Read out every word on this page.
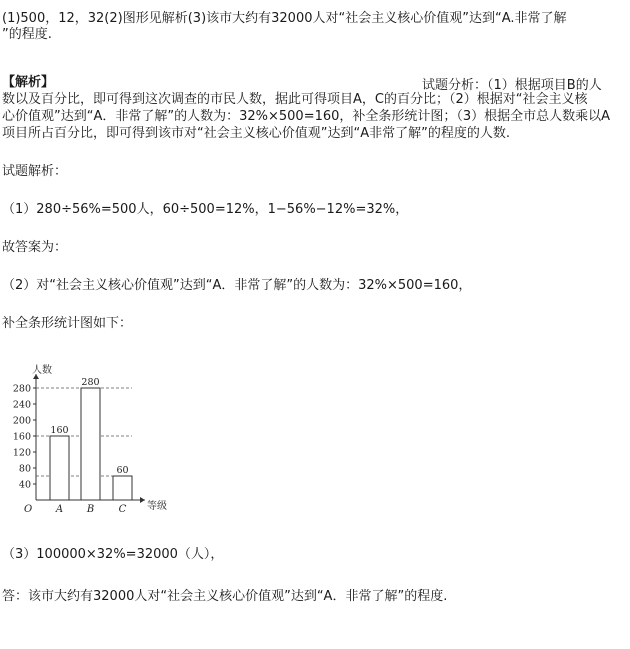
(1)500，12，32(2)图形见解析(3)该市大约有32000人对“社会主义核心价值观”达到“A.非常了解
”的程度.
【解析】	试题分析：（1）根据项目B的人
数以及百分比，即可得到这次调查的市民人数，据此可得项目A，C的百分比；（2）根据对“社会主义核
心价值观”达到“A．非常了解”的人数为：32%×500=160，补全条形统计图；（3）根据全市总人数乘以A
项目所占百分比，即可得到该市对“社会主义核心价值观”达到“A非常了解”的程度的人数.
试题解析：
（1）280÷56%=500人，60÷500=12%，1−56%−12%=32%，
故答案为：
（2）对“社会主义核心价值观”达到“A．非常了解”的人数为：32%×500=160，
补全条形统计图如下：
人数
等级
O
40
80
120
160
200
240
280
160
A
280
B
60
C
（3）100000×32%=32000（人），
答：该市大约有32000人对“社会主义核心价值观”达到“A．非常了解”的程度.
